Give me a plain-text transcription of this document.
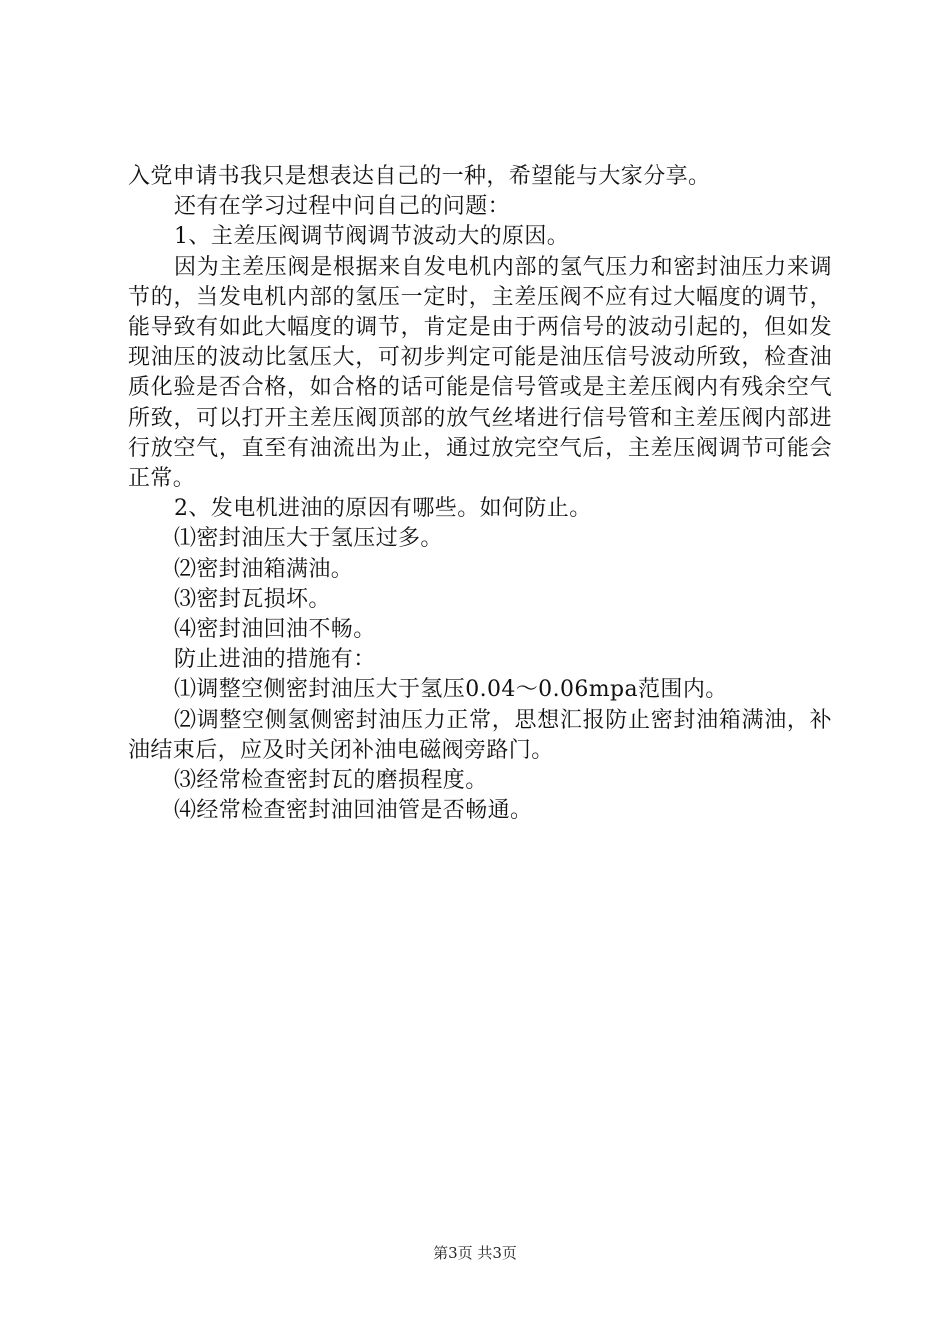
入党申请书我只是想表达自己的一种，希望能与大家分享。

还有在学习过程中问自己的问题：

1、主差压阀调节阀调节波动大的原因。

因为主差压阀是根据来自发电机内部的氢气压力和密封油压力来调节的，当发电机内部的氢压一定时，主差压阀不应有过大幅度的调节，能导致有如此大幅度的调节，肯定是由于两信号的波动引起的，但如发现油压的波动比氢压大，可初步判定可能是油压信号波动所致，检查油质化验是否合格，如合格的话可能是信号管或是主差压阀内有残余空气所致，可以打开主差压阀顶部的放气丝堵进行信号管和主差压阀内部进行放空气，直至有油流出为止，通过放完空气后，主差压阀调节可能会正常。

2、发电机进油的原因有哪些。如何防止。

⑴密封油压大于氢压过多。

⑵密封油箱满油。

⑶密封瓦损坏。

⑷密封油回油不畅。

防止进油的措施有：

⑴调整空侧密封油压大于氢压0.04～0.06mpa范围内。

⑵调整空侧氢侧密封油压力正常，思想汇报防止密封油箱满油，补油结束后，应及时关闭补油电磁阀旁路门。

⑶经常检查密封瓦的磨损程度。

⑷经常检查密封油回油管是否畅通。

第3页 共3页
